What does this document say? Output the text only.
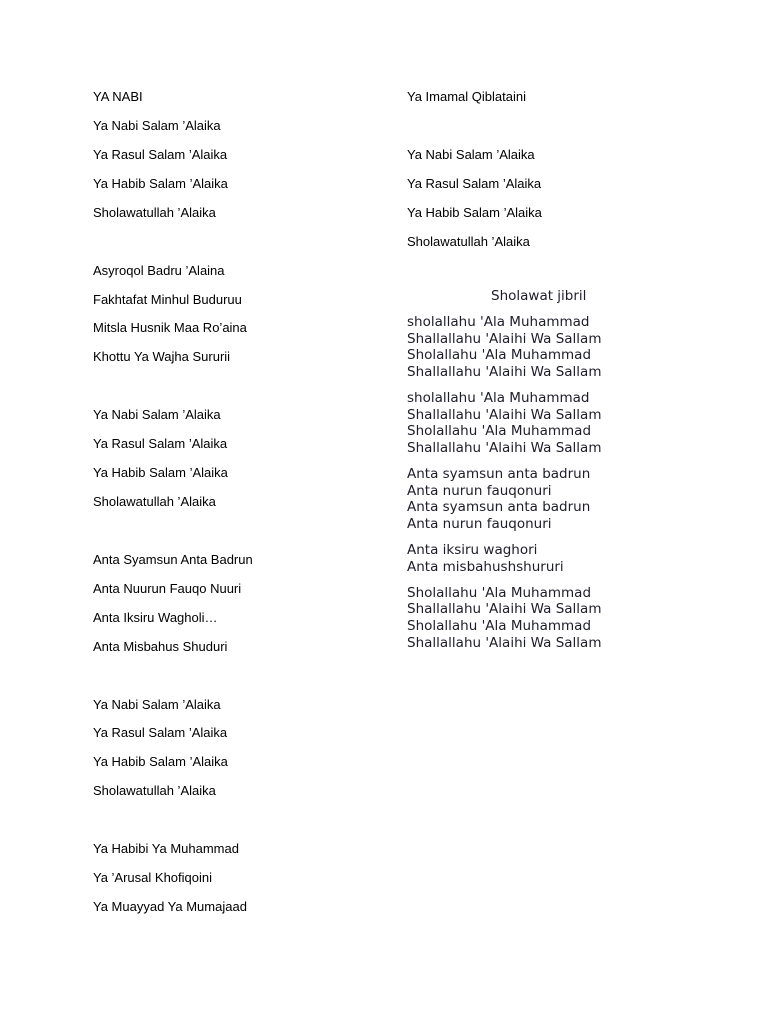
YA NABI
Ya Nabi Salam ’Alaika
Ya Rasul Salam ’Alaika
Ya Habib Salam ’Alaika
Sholawatullah ’Alaika
Asyroqol Badru ’Alaina
Fakhtafat Minhul Buduruu
Mitsla Husnik Maa Ro’aina
Khottu Ya Wajha Sururii
Ya Nabi Salam ’Alaika
Ya Rasul Salam ’Alaika
Ya Habib Salam ’Alaika
Sholawatullah ’Alaika
Anta Syamsun Anta Badrun
Anta Nuurun Fauqo Nuuri
Anta Iksiru Wagholi…
Anta Misbahus Shuduri
Ya Nabi Salam ’Alaika
Ya Rasul Salam ’Alaika
Ya Habib Salam ’Alaika
Sholawatullah ’Alaika
Ya Habibi Ya Muhammad
Ya ’Arusal Khofiqoini
Ya Muayyad Ya Mumajaad
Sholawat jibril
Ya Imamal Qiblataini
Ya Nabi Salam ’Alaika
Ya Rasul Salam ’Alaika
Ya Habib Salam ’Alaika
Sholawatullah ’Alaika
sholallahu 'Ala Muhammad
Shallallahu 'Alaihi Wa Sallam
Sholallahu 'Ala Muhammad
Shallallahu 'Alaihi Wa Sallam
sholallahu 'Ala Muhammad
Shallallahu 'Alaihi Wa Sallam
Sholallahu 'Ala Muhammad
Shallallahu 'Alaihi Wa Sallam
Anta syamsun anta badrun
Anta nurun fauqonuri
Anta syamsun anta badrun
Anta nurun fauqonuri
Anta iksiru waghori
Anta misbahushshururi
Sholallahu 'Ala Muhammad
Shallallahu 'Alaihi Wa Sallam
Sholallahu 'Ala Muhammad
Shallallahu 'Alaihi Wa Sallam
